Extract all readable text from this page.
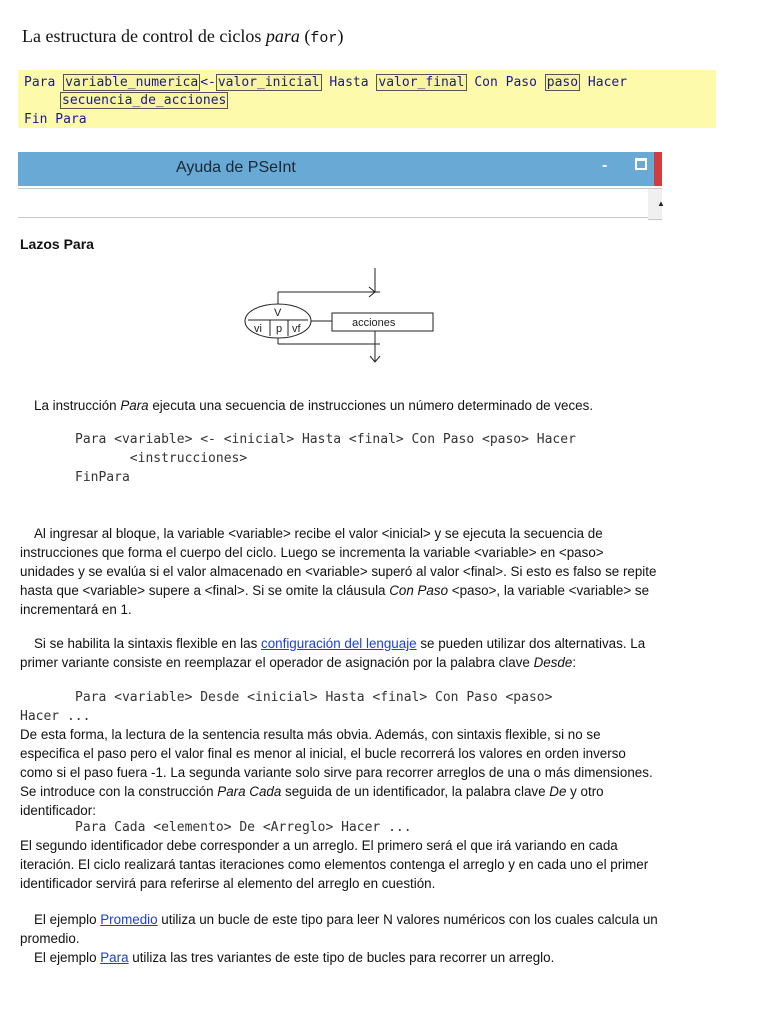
La estructura de control de ciclos para (for)
Para variable_numerica <- valor_inicial Hasta valor_final Con Paso paso Hacer
secuencia_de_acciones
Fin Para
Ayuda de PSeInt	-
▲
Lazos Para
V
vi p vf	acciones
La instrucción Para ejecuta una secuencia de instrucciones un número determinado de veces.
Para <variable> <- <inicial> Hasta <final> Con Paso <paso> Hacer
<instrucciones>
FinPara
Al ingresar al bloque, la variable <variable> recibe el valor <inicial> y se ejecuta la secuencia de instrucciones que forma el cuerpo del ciclo. Luego se incrementa la variable <variable> en <paso> unidades y se evalúa si el valor almacenado en <variable> superó al valor <final>. Si esto es falso se repite hasta que <variable> supere a <final>. Si se omite la cláusula Con Paso <paso>, la variable <variable> se incrementará en 1.
Si se habilita la sintaxis flexible en las configuración del lenguaje se pueden utilizar dos alternativas. La primer variante consiste en reemplazar el operador de asignación por la palabra clave Desde:
Para <variable> Desde <inicial> Hasta <final> Con Paso <paso>
Hacer ...
De esta forma, la lectura de la sentencia resulta más obvia. Además, con sintaxis flexible, si no se especifica el paso pero el valor final es menor al inicial, el bucle recorrerá los valores en orden inverso como si el paso fuera -1. La segunda variante solo sirve para recorrer arreglos de una o más dimensiones. Se introduce con la construcción Para Cada seguida de un identificador, la palabra clave De y otro identificador:
Para Cada <elemento> De <Arreglo> Hacer ...
El segundo identificador debe corresponder a un arreglo. El primero será el que irá variando en cada iteración. El ciclo realizará tantas iteraciones como elementos contenga el arreglo y en cada uno el primer identificador servirá para referirse al elemento del arreglo en cuestión.
El ejemplo Promedio utiliza un bucle de este tipo para leer N valores numéricos con los cuales calcula un promedio.
El ejemplo Para utiliza las tres variantes de este tipo de bucles para recorrer un arreglo.
